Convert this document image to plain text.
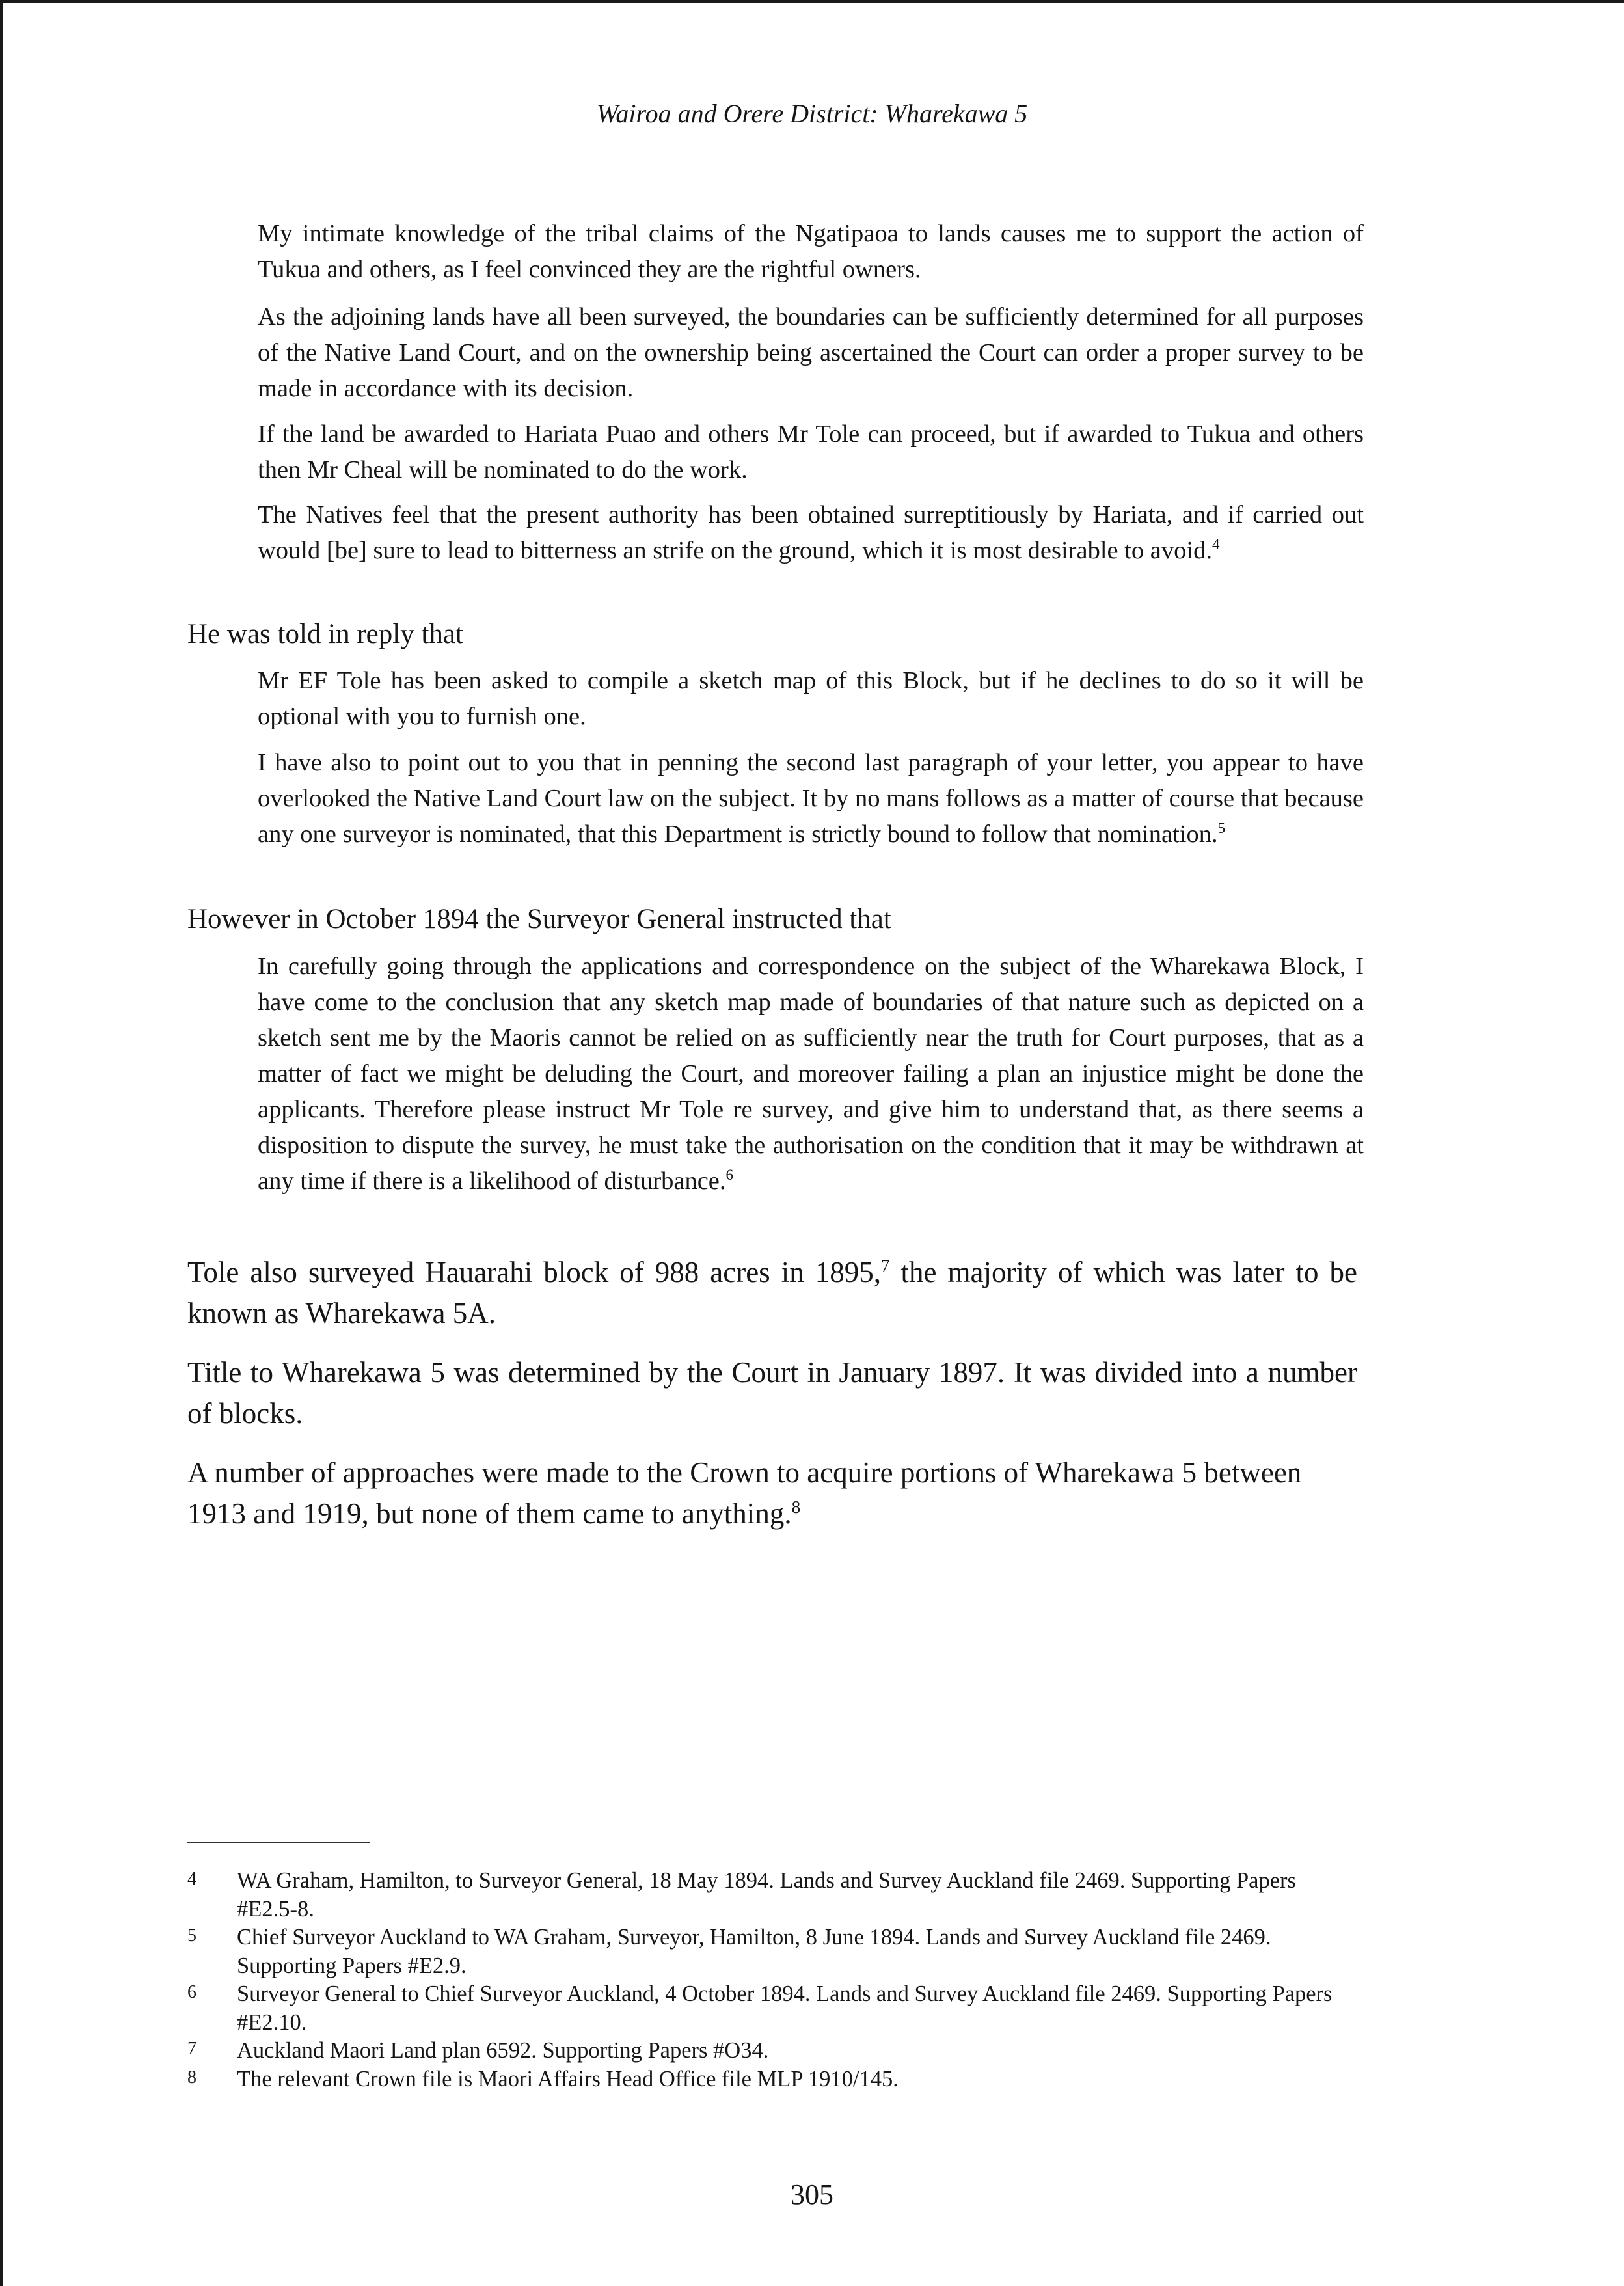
Wairoa and Orere District: Wharekawa 5

My intimate knowledge of the tribal claims of the Ngatipaoa to lands causes me to support the action of Tukua and others, as I feel convinced they are the rightful owners.

As the adjoining lands have all been surveyed, the boundaries can be sufficiently determined for all purposes of the Native Land Court, and on the ownership being ascertained the Court can order a proper survey to be made in accordance with its decision.

If the land be awarded to Hariata Puao and others Mr Tole can proceed, but if awarded to Tukua and others then Mr Cheal will be nominated to do the work.

The Natives feel that the present authority has been obtained surreptitiously by Hariata, and if carried out would [be] sure to lead to bitterness an strife on the ground, which it is most desirable to avoid.$^4$

He was told in reply that

Mr EF Tole has been asked to compile a sketch map of this Block, but if he declines to do so it will be optional with you to furnish one.

I have also to point out to you that in penning the second last paragraph of your letter, you appear to have overlooked the Native Land Court law on the subject. It by no mans follows as a matter of course that because any one surveyor is nominated, that this Department is strictly bound to follow that nomination.$^5$

However in October 1894 the Surveyor General instructed that

In carefully going through the applications and correspondence on the subject of the Wharekawa Block, I have come to the conclusion that any sketch map made of boundaries of that nature such as depicted on a sketch sent me by the Maoris cannot be relied on as sufficiently near the truth for Court purposes, that as a matter of fact we might be deluding the Court, and moreover failing a plan an injustice might be done the applicants. Therefore please instruct Mr Tole re survey, and give him to understand that, as there seems a disposition to dispute the survey, he must take the authorisation on the condition that it may be withdrawn at any time if there is a likelihood of disturbance.$^6$

Tole also surveyed Hauarahi block of 988 acres in 1895,$^7$ the majority of which was later to be known as Wharekawa 5A.

Title to Wharekawa 5 was determined by the Court in January 1897. It was divided into a number of blocks.

A number of approaches were made to the Crown to acquire portions of Wharekawa 5 between 1913 and 1919, but none of them came to anything.$^8$

4 WA Graham, Hamilton, to Surveyor General, 18 May 1894. Lands and Survey Auckland file 2469. Supporting Papers #E2.5-8.
5 Chief Surveyor Auckland to WA Graham, Surveyor, Hamilton, 8 June 1894. Lands and Survey Auckland file 2469. Supporting Papers #E2.9.
6 Surveyor General to Chief Surveyor Auckland, 4 October 1894. Lands and Survey Auckland file 2469. Supporting Papers #E2.10.
7 Auckland Maori Land plan 6592. Supporting Papers #O34.
8 The relevant Crown file is Maori Affairs Head Office file MLP 1910/145.
305
